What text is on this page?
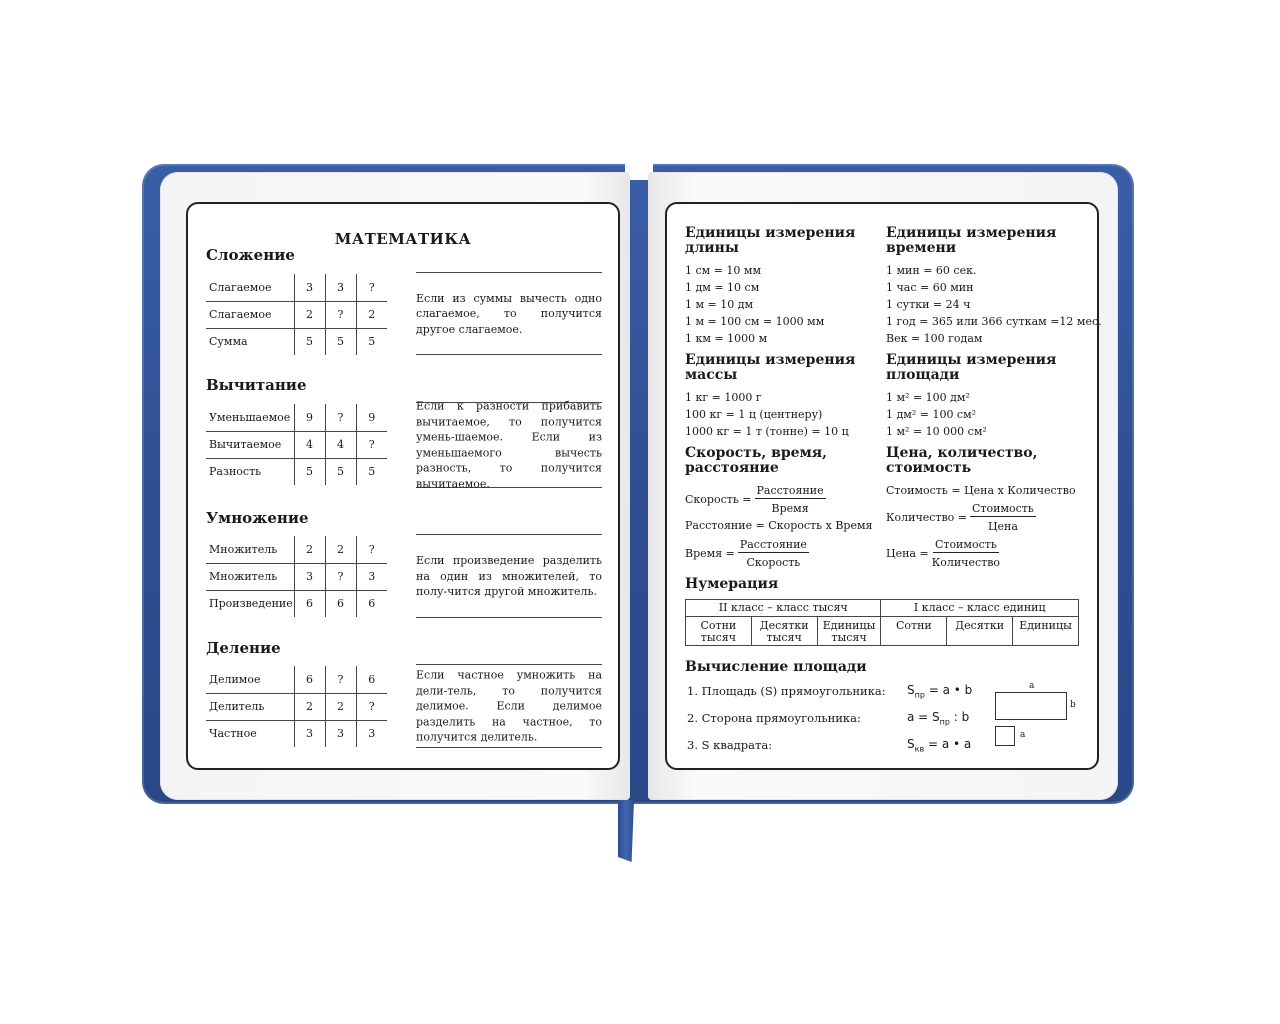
МАТЕМАТИКА
Сложение
Слагаемое	3	3	?
Слагаемое	2	?	2
Сумма	5	5	5

Если из суммы вычесть одно слагаемое, то получится другое слагаемое.

Вычитание
Уменьшаемое	9	?	9
Вычитаемое	4	4	?
Разность	5	5	5

Если к разности прибавить вычитаемое, то получится умень-шаемое. Если из уменьшаемого вычесть разность, то получится вычитаемое.

Умножение
Множитель	2	2	?
Множитель	3	?	3
Произведение	6	6	6

Если произведение разделить на один из множителей, то полу-чится другой множитель.

Деление
Делимое	6	?	6
Делитель	2	2	?
Частное	3	3	3

Если частное умножить на дели-тель, то получится делимое. Если делимое разделить на частное, то получится делитель.

Единицы измерения длины
1 см = 10 мм
1 дм = 10 см
1 м = 10 дм
1 м = 100 см = 1000 мм
1 км = 1000 м
Единицы измерения времени
1 мин = 60 сек.
1 час = 60 мин
1 сутки = 24 ч
1 год = 365 или 366 суткам =12 мес.
Век = 100 годам
Единицы измерения массы
1 кг = 1000 г
100 кг = 1 ц (центнеру)
1000 кг = 1 т (тонне) = 10 ц
Единицы измерения площади
1 м² = 100 дм²
1 дм² = 100 см²
1 м² = 10 000 см²
Скорость, время, расстояние
Скорость = $\frac{\text{Расстояние}}{\text{Время}}$
Расстояние = Скорость х Время
Время = $\frac{\text{Расстояние}}{\text{Скорость}}$
Цена, количество, стоимость
Стоимость = Цена х Количество
Количество = $\frac{\text{Стоимость}}{\text{Цена}}$
Цена = $\frac{\text{Стоимость}}{\text{Количество}}$
Нумерация
II класс – класс тысяч			I класс – класс единиц		
Сотни тысяч	Десятки тысяч	Единицы тысяч	Сотни	Десятки	Единицы
Вычисление площади
1. Площадь (S) прямоугольника: $S_{пр} = a$ • b
2. Сторона прямоугольника:	$a = S_{пр}$ : b
3. S квадрата:	$S_{кв} = a$ • a
a
b
a
